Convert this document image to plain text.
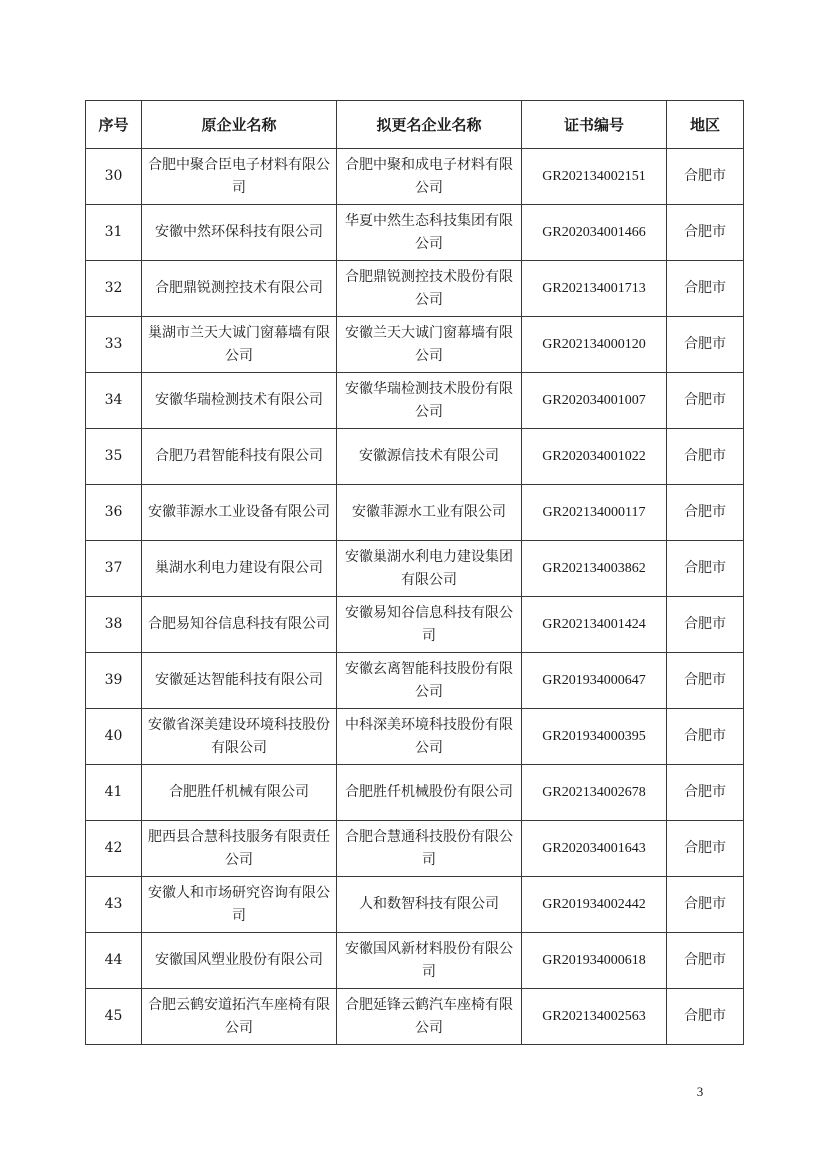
序号	原企业名称	拟更名企业名称	证书编号	地区
30	合肥中聚合臣电子材料有限公司	合肥中聚和成电子材料有限公司	GR202134002151	合肥市
31	安徽中然环保科技有限公司	华夏中然生态科技集团有限公司	GR202034001466	合肥市
32	合肥鼎锐测控技术有限公司	合肥鼎锐测控技术股份有限公司	GR202134001713	合肥市
33	巢湖市兰天大诚门窗幕墙有限公司	安徽兰天大诚门窗幕墙有限公司	GR202134000120	合肥市
34	安徽华瑞检测技术有限公司	安徽华瑞检测技术股份有限公司	GR202034001007	合肥市
35	合肥乃君智能科技有限公司	安徽源信技术有限公司	GR202034001022	合肥市
36	安徽菲源水工业设备有限公司	安徽菲源水工业有限公司	GR202134000117	合肥市
37	巢湖水利电力建设有限公司	安徽巢湖水利电力建设集团有限公司	GR202134003862	合肥市
38	合肥易知谷信息科技有限公司	安徽易知谷信息科技有限公司	GR202134001424	合肥市
39	安徽延达智能科技有限公司	安徽玄离智能科技股份有限公司	GR201934000647	合肥市
40	安徽省深美建设环境科技股份有限公司	中科深美环境科技股份有限公司	GR201934000395	合肥市
41	合肥胜仟机械有限公司	合肥胜仟机械股份有限公司	GR202134002678	合肥市
42	肥西县合慧科技服务有限责任公司	合肥合慧通科技股份有限公司	GR202034001643	合肥市
43	安徽人和市场研究咨询有限公司	人和数智科技有限公司	GR201934002442	合肥市
44	安徽国风塑业股份有限公司	安徽国风新材料股份有限公司	GR201934000618	合肥市
45	合肥云鹤安道拓汽车座椅有限公司	合肥延锋云鹤汽车座椅有限公司	GR202134002563	合肥市
3
